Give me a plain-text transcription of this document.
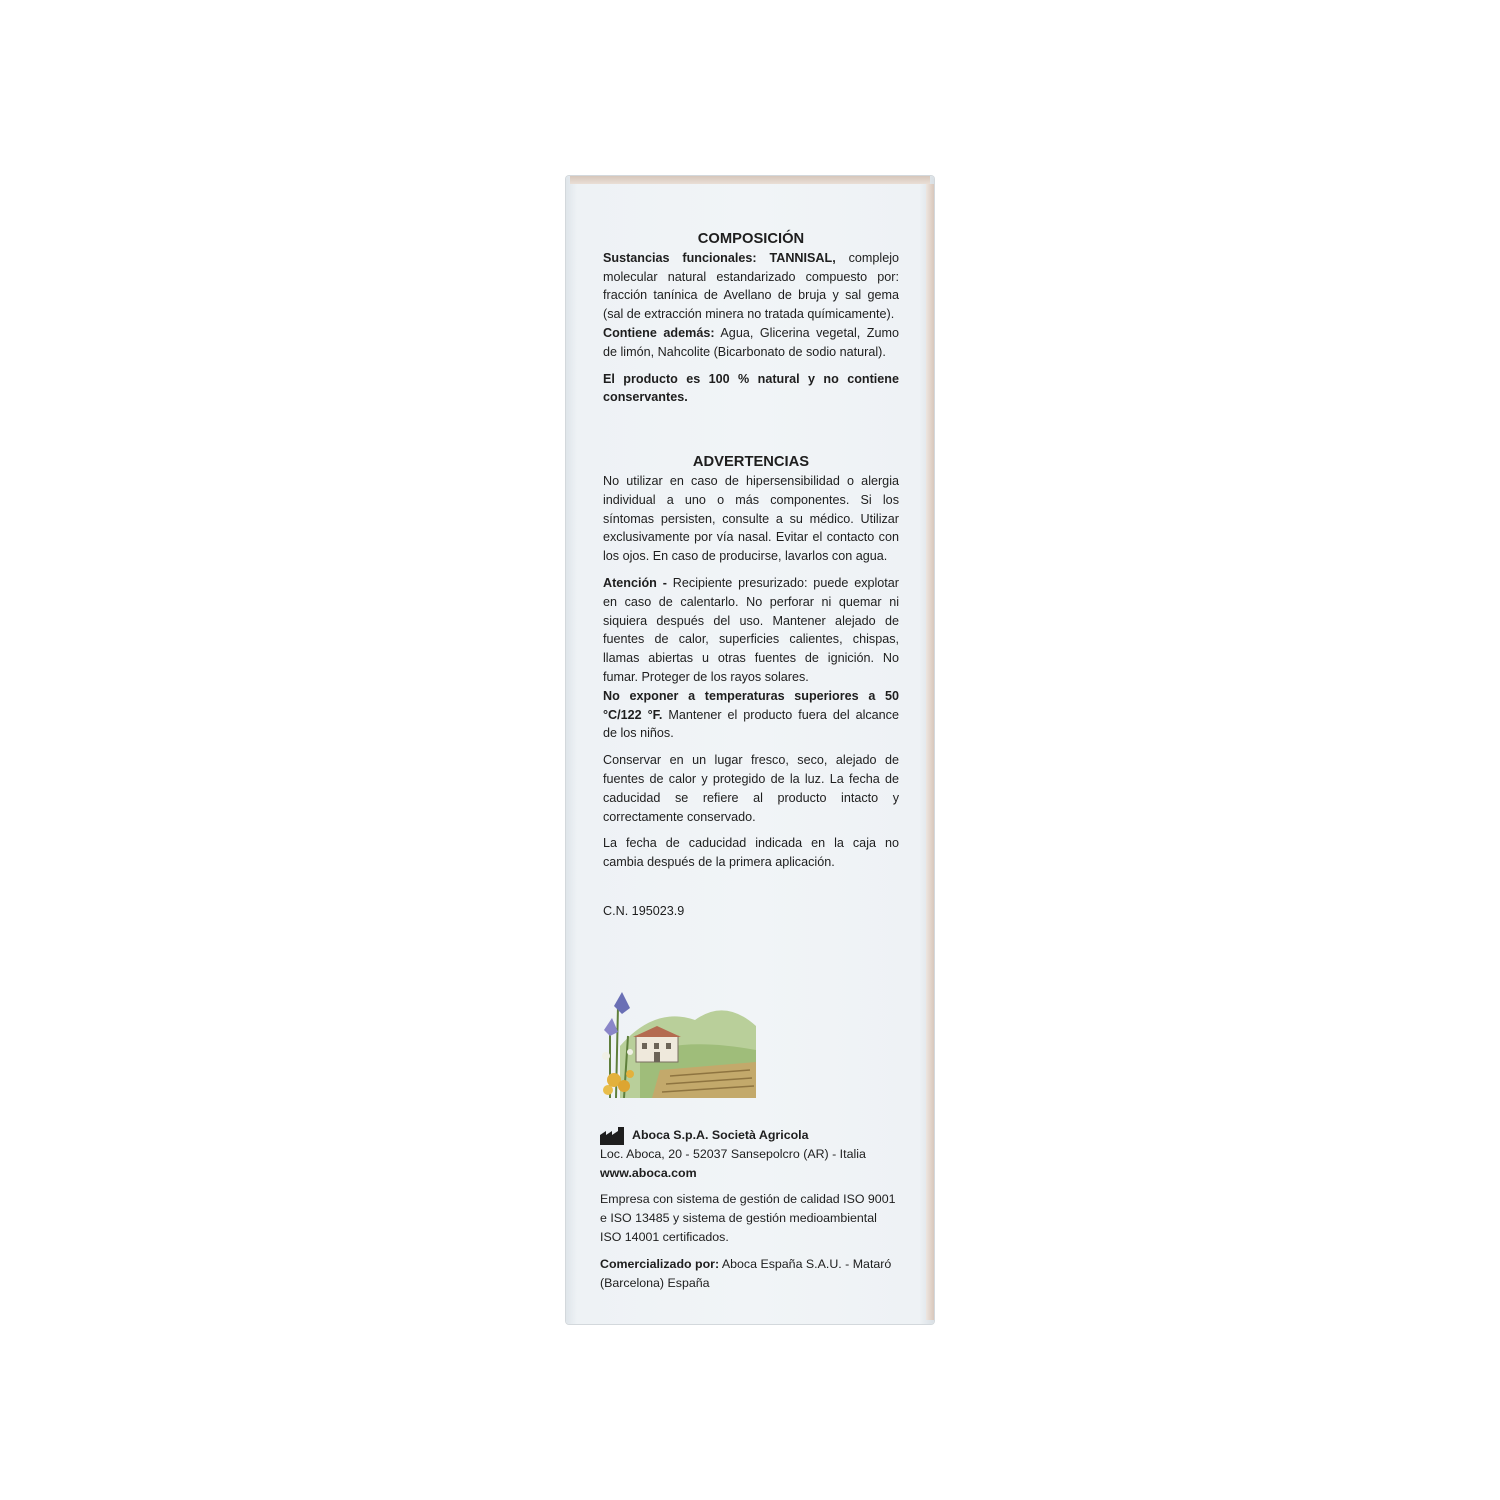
COMPOSICIÓN

Sustancias funcionales: TANNISAL, complejo molecular natural estandarizado compuesto por: fracción tanínica de Avellano de bruja y sal gema (sal de extracción minera no tratada químicamente).

Contiene además: Agua, Glicerina vegetal, Zumo de limón, Nahcolite (Bicarbonato de sodio natural).

El producto es 100 % natural y no contiene conservantes.

ADVERTENCIAS

No utilizar en caso de hipersensibilidad o alergia individual a uno o más componentes. Si los síntomas persisten, consulte a su médico. Utilizar exclusivamente por vía nasal. Evitar el contacto con los ojos. En caso de producirse, lavarlos con agua.

Atención - Recipiente presurizado: puede explotar en caso de calentarlo. No perforar ni quemar ni siquiera después del uso. Mantener alejado de fuentes de calor, superficies calientes, chispas, llamas abiertas u otras fuentes de ignición. No fumar. Proteger de los rayos solares.

No exponer a temperaturas superiores a 50 °C/122 °F. Mantener el producto fuera del alcance de los niños.

Conservar en un lugar fresco, seco, alejado de fuentes de calor y protegido de la luz. La fecha de caducidad se refiere al producto intacto y correctamente conservado.

La fecha de caducidad indicada en la caja no cambia después de la primera aplicación.

C.N. 195023.9

Aboca S.p.A. Società Agricola

Loc. Aboca, 20 - 52037 Sansepolcro (AR) - Italia

www.aboca.com

Empresa con sistema de gestión de calidad ISO 9001 e ISO 13485 y sistema de gestión medioambiental ISO 14001 certificados.

Comercializado por: Aboca España S.A.U. - Mataró (Barcelona) España
